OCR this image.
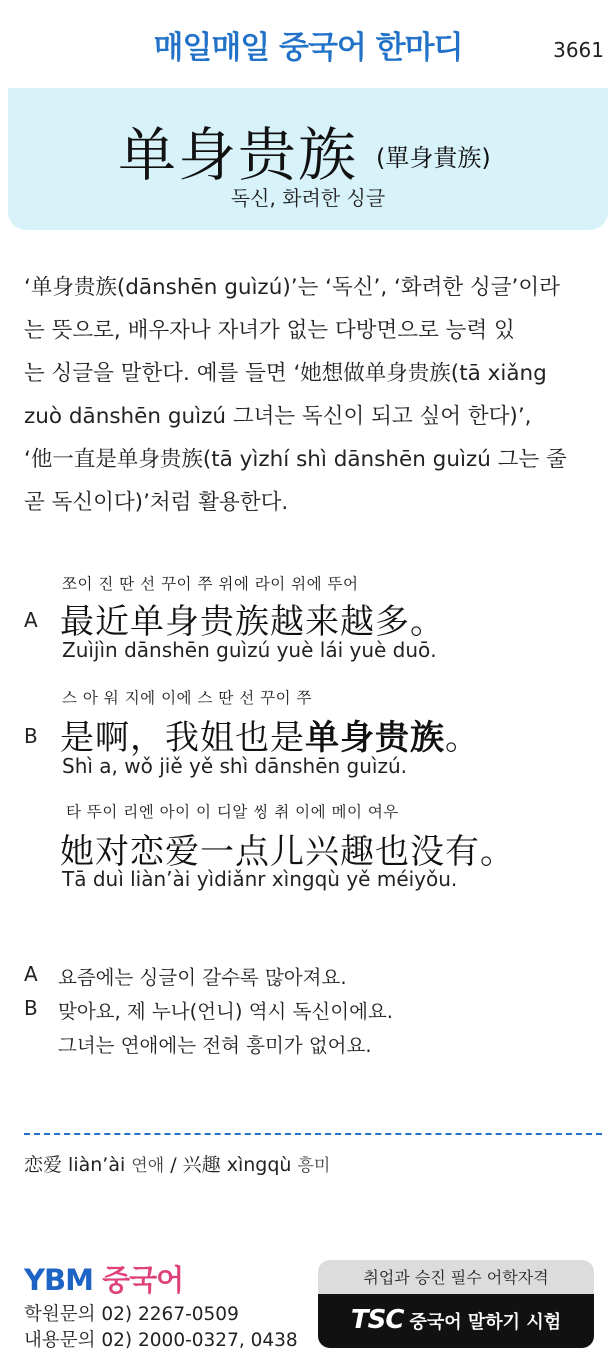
매일매일 중국어 한마디	3661
单身贵族 (單身貴族)
독신, 화려한 싱글

‘单身贵族(dānshēn guìzú)’는 ‘독신’, ‘화려한 싱글’이라

는 뜻으로, 배우자나 자녀가 없는 다방면으로 능력 있

는 싱글을 말한다. 예를 들면 ‘她想做单身贵族(tā xiǎng

zuò dānshēn guìzú 그녀는 독신이 되고 싶어 한다)’,

‘他一直是单身贵族(tā yìzhí shì dānshēn guìzú 그는 줄

곧 독신이다)’처럼 활용한다.

A
쪼이 진 딴 선 꾸이 쭈 위에 라이 위에 뚜어
最近单身贵族越来越多。
Zuìjìn dānshēn guìzú yuè lái yuè duō.
B
스 아 워 지에 이에 스 딴 선 꾸이 쭈
是啊，我姐也是单身贵族。
Shì a, wǒ jiě yě shì dānshēn guìzú.
타 뚜이 리엔 아이 이 디알 씽 취 이에 메이 여우
她对恋爱一点儿兴趣也没有。
Tā duì liàn’ài yìdiǎnr xìngqù yě méiyǒu.
A 요즘에는 싱글이 갈수록 많아져요.
B 맞아요, 제 누나(언니) 역시 독신이에요.
그녀는 연애에는 전혀 흥미가 없어요.
恋爱 liàn’ài 연애 / 兴趣 xìngqù 흥미
YBM 중국어
학원문의 02) 2267-0509
내용문의 02) 2000-0327, 0438
취업과 승진 필수 어학자격
TSC 중국어 말하기 시험
